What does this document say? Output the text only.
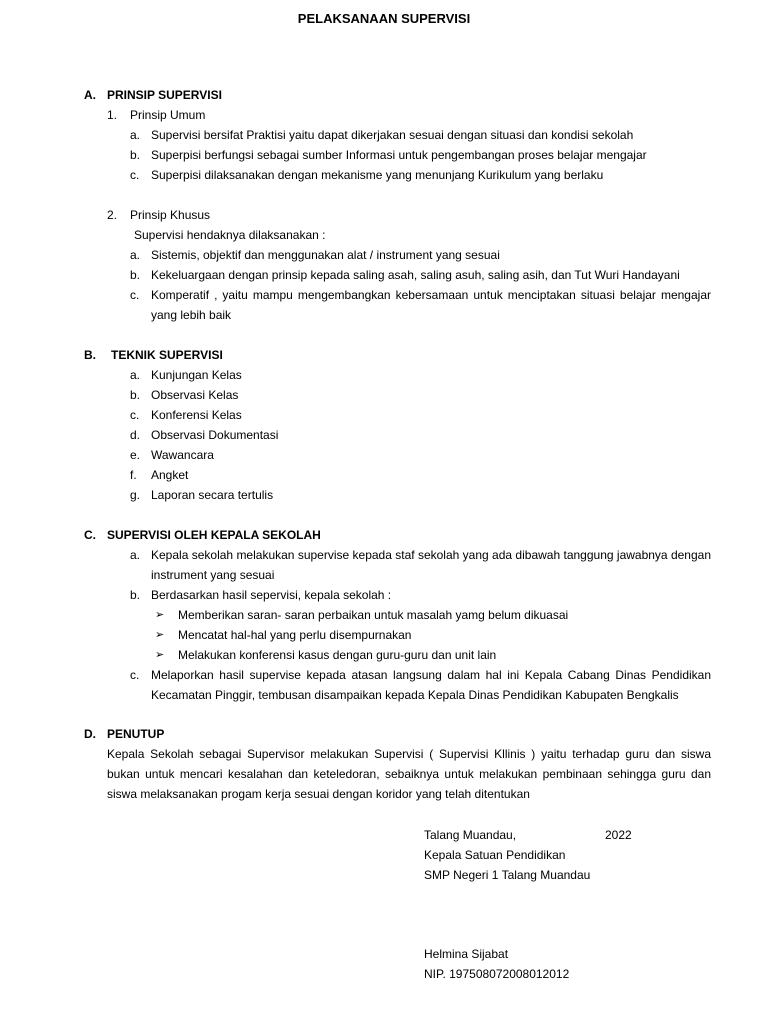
PELAKSANAAN SUPERVISI
A. PRINSIP SUPERVISI
1. Prinsip Umum
a. Supervisi bersifat Praktisi yaitu dapat dikerjakan sesuai dengan situasi dan kondisi sekolah
b. Superpisi berfungsi sebagai sumber Informasi untuk pengembangan proses belajar mengajar
c. Superpisi dilaksanakan dengan mekanisme yang menunjang Kurikulum yang berlaku
2. Prinsip Khusus
Supervisi hendaknya dilaksanakan :
a. Sistemis, objektif dan menggunakan alat / instrument yang sesuai
b. Kekeluargaan dengan prinsip kepada saling asah, saling asuh, saling asih, dan Tut Wuri Handayani
c. Komperatif , yaitu mampu mengembangkan kebersamaan untuk menciptakan situasi belajar mengajar yang lebih baik
B. TEKNIK SUPERVISI
a. Kunjungan Kelas
b. Observasi Kelas
c. Konferensi Kelas
d. Observasi Dokumentasi
e. Wawancara
f. Angket
g. Laporan secara tertulis
C. SUPERVISI OLEH KEPALA SEKOLAH
a. Kepala sekolah melakukan supervise kepada staf sekolah yang ada dibawah tanggung jawabnya dengan instrument yang sesuai
b. Berdasarkan hasil sepervisi, kepala sekolah :
➢ Memberikan saran- saran perbaikan untuk masalah yamg belum dikuasai
➢ Mencatat hal-hal yang perlu disempurnakan
➢ Melakukan konferensi kasus dengan guru-guru dan unit lain
c. Melaporkan hasil supervise kepada atasan langsung dalam hal ini Kepala Cabang Dinas Pendidikan Kecamatan Pinggir, tembusan disampaikan kepada Kepala Dinas Pendidikan Kabupaten Bengkalis
D. PENUTUP
Kepala Sekolah sebagai Supervisor melakukan Supervisi ( Supervisi Kllinis ) yaitu terhadap guru dan siswa bukan untuk mencari kesalahan dan keteledoran, sebaiknya untuk melakukan pembinaan sehingga guru dan siswa melaksanakan progam kerja sesuai dengan koridor yang telah ditentukan
Talang Muandau,	2022
Kepala Satuan Pendidikan
SMP Negeri 1 Talang Muandau
Helmina Sijabat
NIP. 197508072008012012
